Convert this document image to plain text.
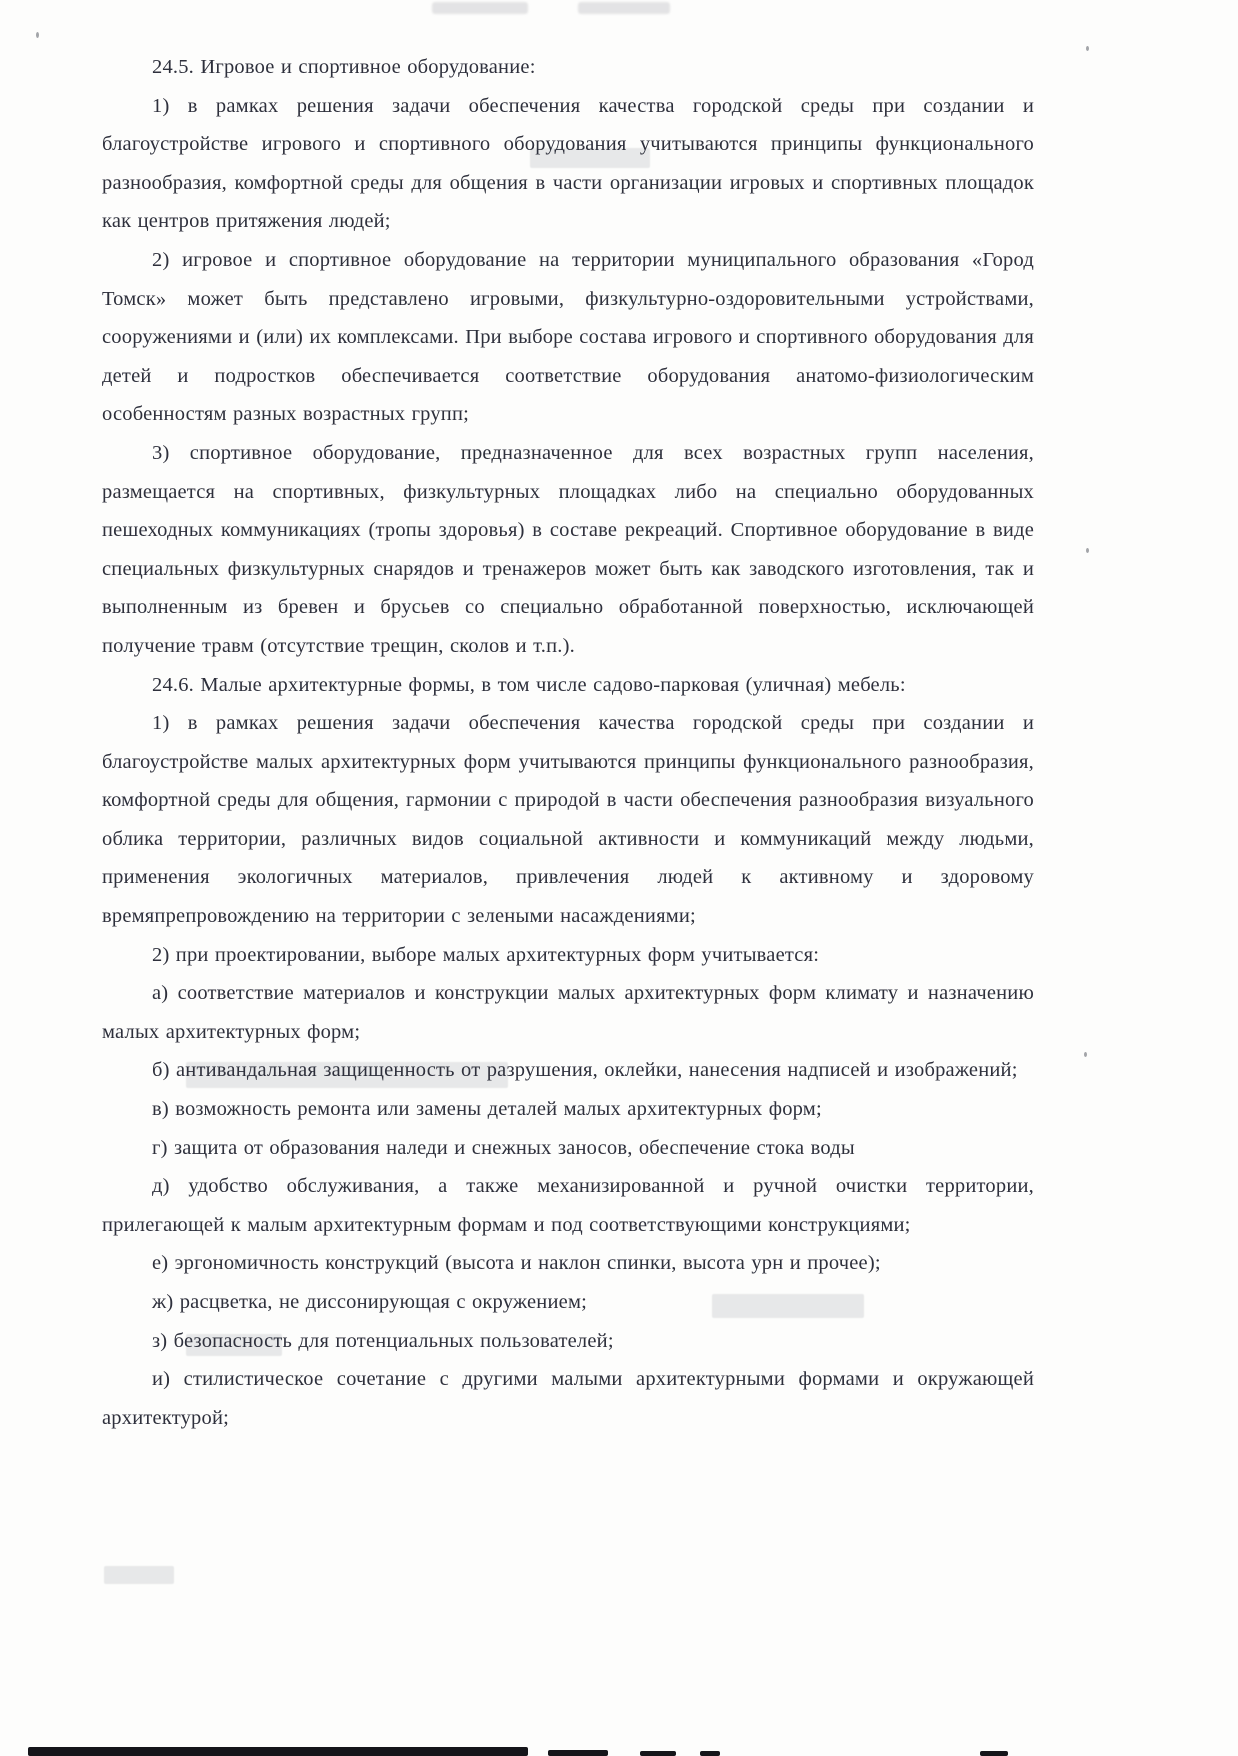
24.5. Игровое и спортивное оборудование:

1) в рамках решения задачи обеспечения качества городской среды при создании и благоустройстве игрового и спортивного оборудования учитываются принципы функционального разнообразия, комфортной среды для общения в части организации игровых и спортивных площадок как центров притяжения людей;

2) игровое и спортивное оборудование на территории муниципального образования «Город Томск» может быть представлено игровыми, физкультурно-оздоровительными устройствами, сооружениями и (или) их комплексами. При выборе состава игрового и спортивного оборудования для детей и подростков обеспечивается соответствие оборудования анатомо-физиологическим особенностям разных возрастных групп;

3) спортивное оборудование, предназначенное для всех возрастных групп населения, размещается на спортивных, физкультурных площадках либо на специально оборудованных пешеходных коммуникациях (тропы здоровья) в составе рекреаций. Спортивное оборудование в виде специальных физкультурных снарядов и тренажеров может быть как заводского изготовления, так и выполненным из бревен и брусьев со специально обработанной поверхностью, исключающей получение травм (отсутствие трещин, сколов и т.п.).

24.6. Малые архитектурные формы, в том числе садово-парковая (уличная) мебель:

1) в рамках решения задачи обеспечения качества городской среды при создании и благоустройстве малых архитектурных форм учитываются принципы функционального разнообразия, комфортной среды для общения, гармонии с природой в части обеспечения разнообразия визуального облика территории, различных видов социальной активности и коммуникаций между людьми, применения экологичных материалов, привлечения людей к активному и здоровому времяпрепровождению на территории с зелеными насаждениями;

2) при проектировании, выборе малых архитектурных форм учитывается:

а) соответствие материалов и конструкции малых архитектурных форм климату и назначению малых архитектурных форм;

б) антивандальная защищенность от разрушения, оклейки, нанесения надписей и изображений;

в) возможность ремонта или замены деталей малых архитектурных форм;

г) защита от образования наледи и снежных заносов, обеспечение стока воды

д) удобство обслуживания, а также механизированной и ручной очистки территории, прилегающей к малым архитектурным формам и под соответствующими конструкциями;

е) эргономичность конструкций (высота и наклон спинки, высота урн и прочее);

ж) расцветка, не диссонирующая с окружением;

з) безопасность для потенциальных пользователей;

и) стилистическое сочетание с другими малыми архитектурными формами и окружающей архитектурой;
